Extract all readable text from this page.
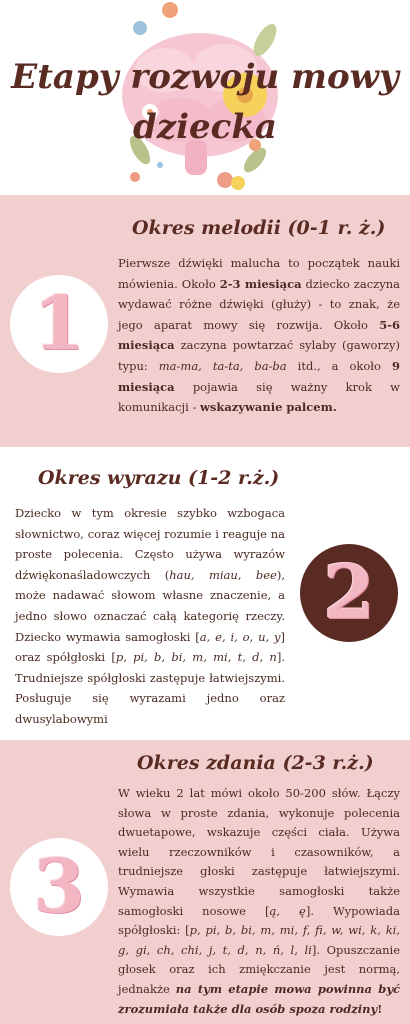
Etapy rozwoju mowy dziecka
Okres melodii (0-1 r. ż.)

Pierwsze dźwięki malucha to początek nauki mówienia. Około 2-3 miesiąca dziecko zaczyna wydawać różne dźwięki (głuży) - to znak, że jego aparat mowy się rozwija. Około 5-6 miesiąca zaczyna powtarzać sylaby (gaworzy) typu: ma-ma, ta-ta, ba-ba itd., a około 9 miesiąca pojawia się ważny krok w komunikacji - wskazywanie palcem.

1
Okres wyrazu (1-2 r.ż.)

Dziecko w tym okresie szybko wzbogaca słownictwo, coraz więcej rozumie i reaguje na proste polecenia. Często używa wyrazów dźwiękonaśladowczych (hau, miau, bee), może nadawać słowom własne znaczenie, a jedno słowo oznaczać całą kategorię rzeczy. Dziecko wymawia samogłoski [a, e, i, o, u, y] oraz spółgłoski [p, pi, b, bi, m, mi, t, d, n]. Trudniejsze spółgłoski zastępuje łatwiejszymi. Posługuje się wyrazami jedno oraz dwusylabowymi

2
Okres zdania (2-3 r.ż.)

W wieku 2 lat mówi około 50-200 słów. Łączy słowa w proste zdania, wykonuje polecenia dwuetapowe, wskazuje części ciała. Używa wielu rzeczowników i czasowników, a trudniejsze głoski zastępuje łatwiejszymi. Wymawia wszystkie samogłoski także samogłoski nosowe [ą, ę]. Wypowiada spółgłoski: [p, pi, b, bi, m, mi, f, fi, w, wi, k, ki, g, gi, ch, chi, j, t, d, n, ń, l, li]. Opuszczanie głosek oraz ich zmiękczanie jest normą, jednakże na tym etapie mowa powinna być zrozumiała także dla osób spoza rodziny!

3
